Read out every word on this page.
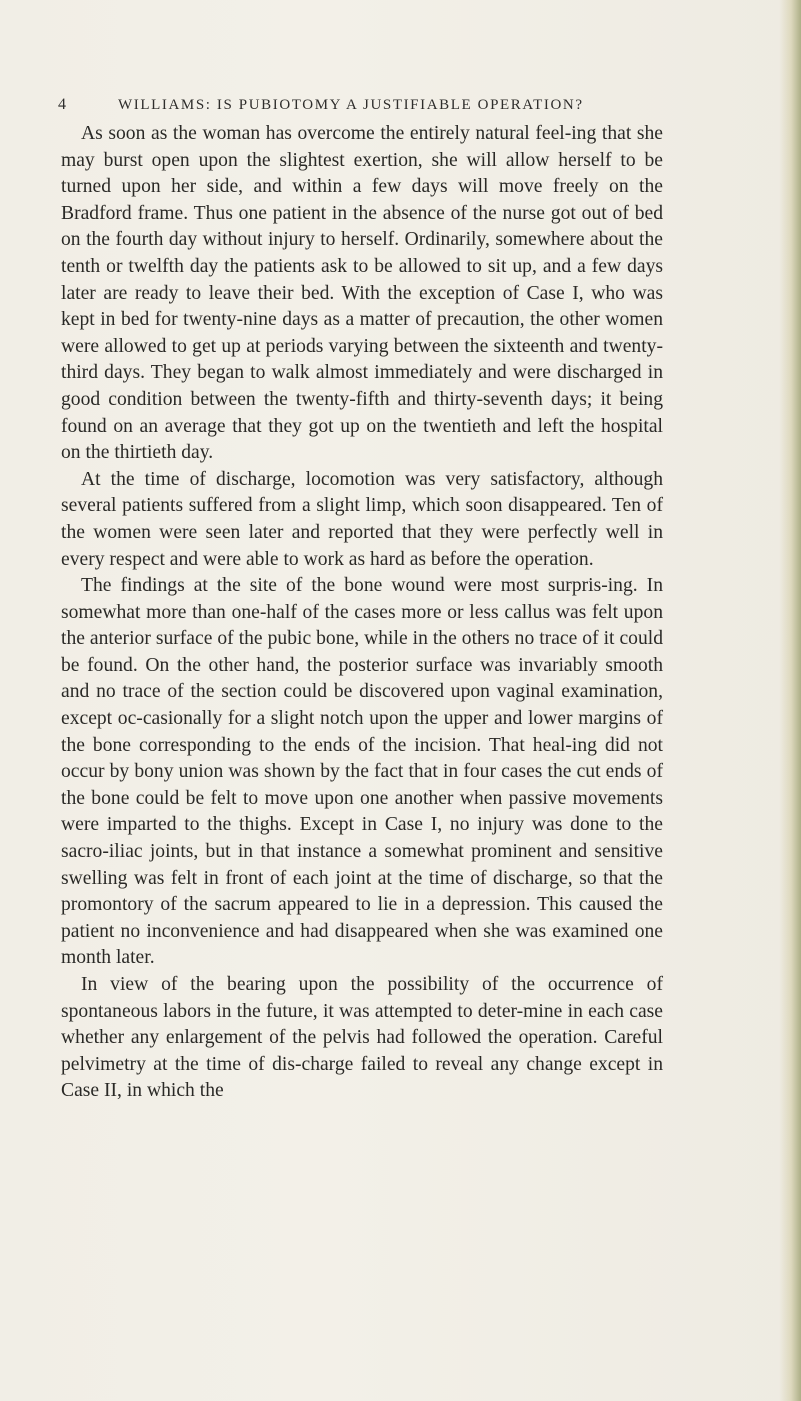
4	WILLIAMS: IS PUBIOTOMY A JUSTIFIABLE OPERATION?

As soon as the woman has overcome the entirely natural feel-ing that she may burst open upon the slightest exertion, she will allow herself to be turned upon her side, and within a few days will move freely on the Bradford frame. Thus one patient in the absence of the nurse got out of bed on the fourth day without injury to herself. Ordinarily, somewhere about the tenth or twelfth day the patients ask to be allowed to sit up, and a few days later are ready to leave their bed. With the exception of Case I, who was kept in bed for twenty-nine days as a matter of precaution, the other women were allowed to get up at periods varying between the sixteenth and twenty-third days. They began to walk almost immediately and were discharged in good condition between the twenty-fifth and thirty-seventh days; it being found on an average that they got up on the twentieth and left the hospital on the thirtieth day.

At the time of discharge, locomotion was very satisfactory, although several patients suffered from a slight limp, which soon disappeared. Ten of the women were seen later and reported that they were perfectly well in every respect and were able to work as hard as before the operation.

The findings at the site of the bone wound were most surpris-ing. In somewhat more than one-half of the cases more or less callus was felt upon the anterior surface of the pubic bone, while in the others no trace of it could be found. On the other hand, the posterior surface was invariably smooth and no trace of the section could be discovered upon vaginal examination, except oc-casionally for a slight notch upon the upper and lower margins of the bone corresponding to the ends of the incision. That heal-ing did not occur by bony union was shown by the fact that in four cases the cut ends of the bone could be felt to move upon one another when passive movements were imparted to the thighs. Except in Case I, no injury was done to the sacro-iliac joints, but in that instance a somewhat prominent and sensitive swelling was felt in front of each joint at the time of discharge, so that the promontory of the sacrum appeared to lie in a depression. This caused the patient no inconvenience and had disappeared when she was examined one month later.

In view of the bearing upon the possibility of the occurrence of spontaneous labors in the future, it was attempted to deter-mine in each case whether any enlargement of the pelvis had followed the operation. Careful pelvimetry at the time of dis-charge failed to reveal any change except in Case II, in which the
